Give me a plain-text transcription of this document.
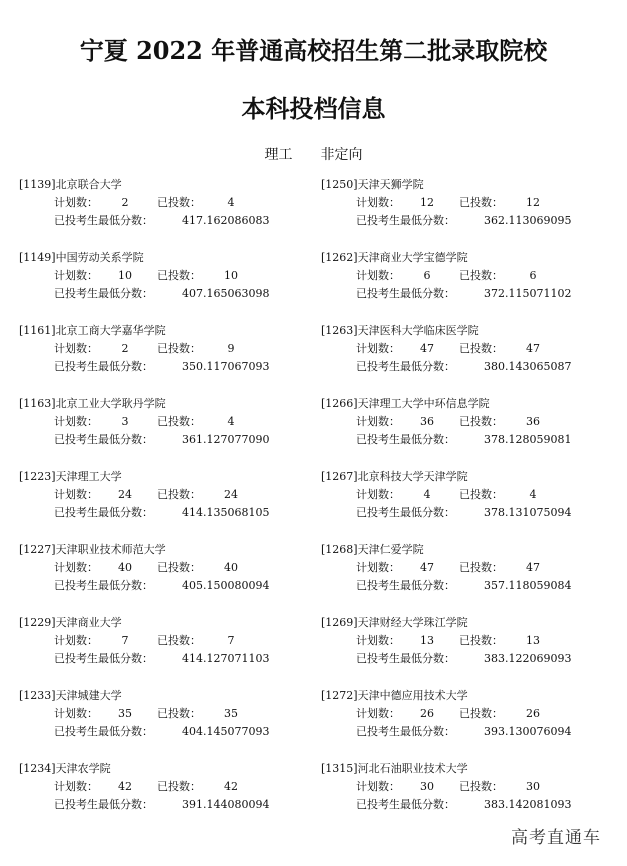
宁夏 2022 年普通高校招生第二批录取院校
本科投档信息
理工 非定向
[1139]北京联合大学
计划数：	2	已投数：	4
已投考生最低分数：	417.162086083
[1149]中国劳动关系学院
计划数：	10	已投数：	10
已投考生最低分数：	407.165063098
[1161]北京工商大学嘉华学院
计划数：	2	已投数：	9
已投考生最低分数：	350.117067093
[1163]北京工业大学耿丹学院
计划数：	3	已投数：	4
已投考生最低分数：	361.127077090
[1223]天津理工大学
计划数：	24	已投数：	24
已投考生最低分数：	414.135068105
[1227]天津职业技术师范大学
计划数：	40	已投数：	40
已投考生最低分数：	405.150080094
[1229]天津商业大学
计划数：	7	已投数：	7
已投考生最低分数：	414.127071103
[1233]天津城建大学
计划数：	35	已投数：	35
已投考生最低分数：	404.145077093
[1234]天津农学院
计划数：	42	已投数：	42
已投考生最低分数：	391.144080094
[1250]天津天狮学院
计划数：	12	已投数：	12
已投考生最低分数：	362.113069095
[1262]天津商业大学宝德学院
计划数：	6	已投数：	6
已投考生最低分数：	372.115071102
[1263]天津医科大学临床医学院
计划数：	47	已投数：	47
已投考生最低分数：	380.143065087
[1266]天津理工大学中环信息学院
计划数：	36	已投数：	36
已投考生最低分数：	378.128059081
[1267]北京科技大学天津学院
计划数：	4	已投数：	4
已投考生最低分数：	378.131075094
[1268]天津仁爱学院
计划数：	47	已投数：	47
已投考生最低分数：	357.118059084
[1269]天津财经大学珠江学院
计划数：	13	已投数：	13
已投考生最低分数：	383.122069093
[1272]天津中德应用技术大学
计划数：	26	已投数：	26
已投考生最低分数：	393.130076094
[1315]河北石油职业技术大学
计划数：	30	已投数：	30
已投考生最低分数：	383.142081093
高考直通车
